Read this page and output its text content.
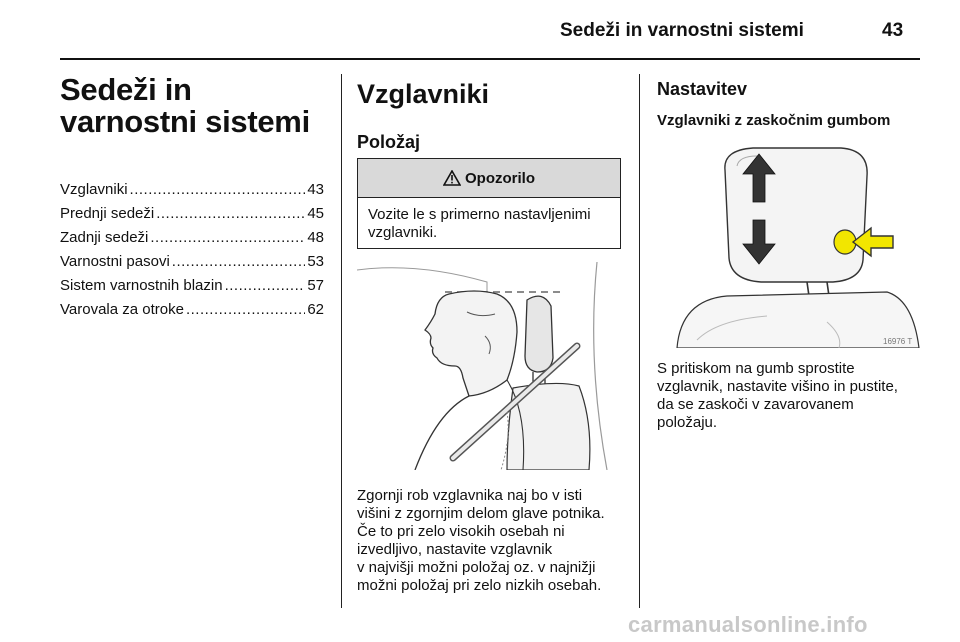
Sedeži in varnostni sistemi	43
Sedeži in varnostni sistemi
Vzglavniki .....	43
Prednji sedeži .....	45
Zadnji sedeži .....	48
Varnostni pasovi .....	53
Sistem varnostnih blazin .....	57
Varovala za otroke .....	62
Vzglavniki
Položaj
Opozorilo
Vozite le s primerno nastavljenimi vzglavniki.
Zgornji rob vzglavnika naj bo v isti
višini z zgornjim delom glave potnika.
Če to pri zelo visokih osebah ni
izvedljivo, nastavite vzglavnik
v najvišji možni položaj oz. v najnižji
možni položaj pri zelo nizkih osebah.
Nastavitev
Vzglavniki z zaskočnim gumbom
16976 T
S pritiskom na gumb sprostite
vzglavnik, nastavite višino in pustite,
da se zaskoči v zavarovanem
položaju.
carmanualsonline.info
